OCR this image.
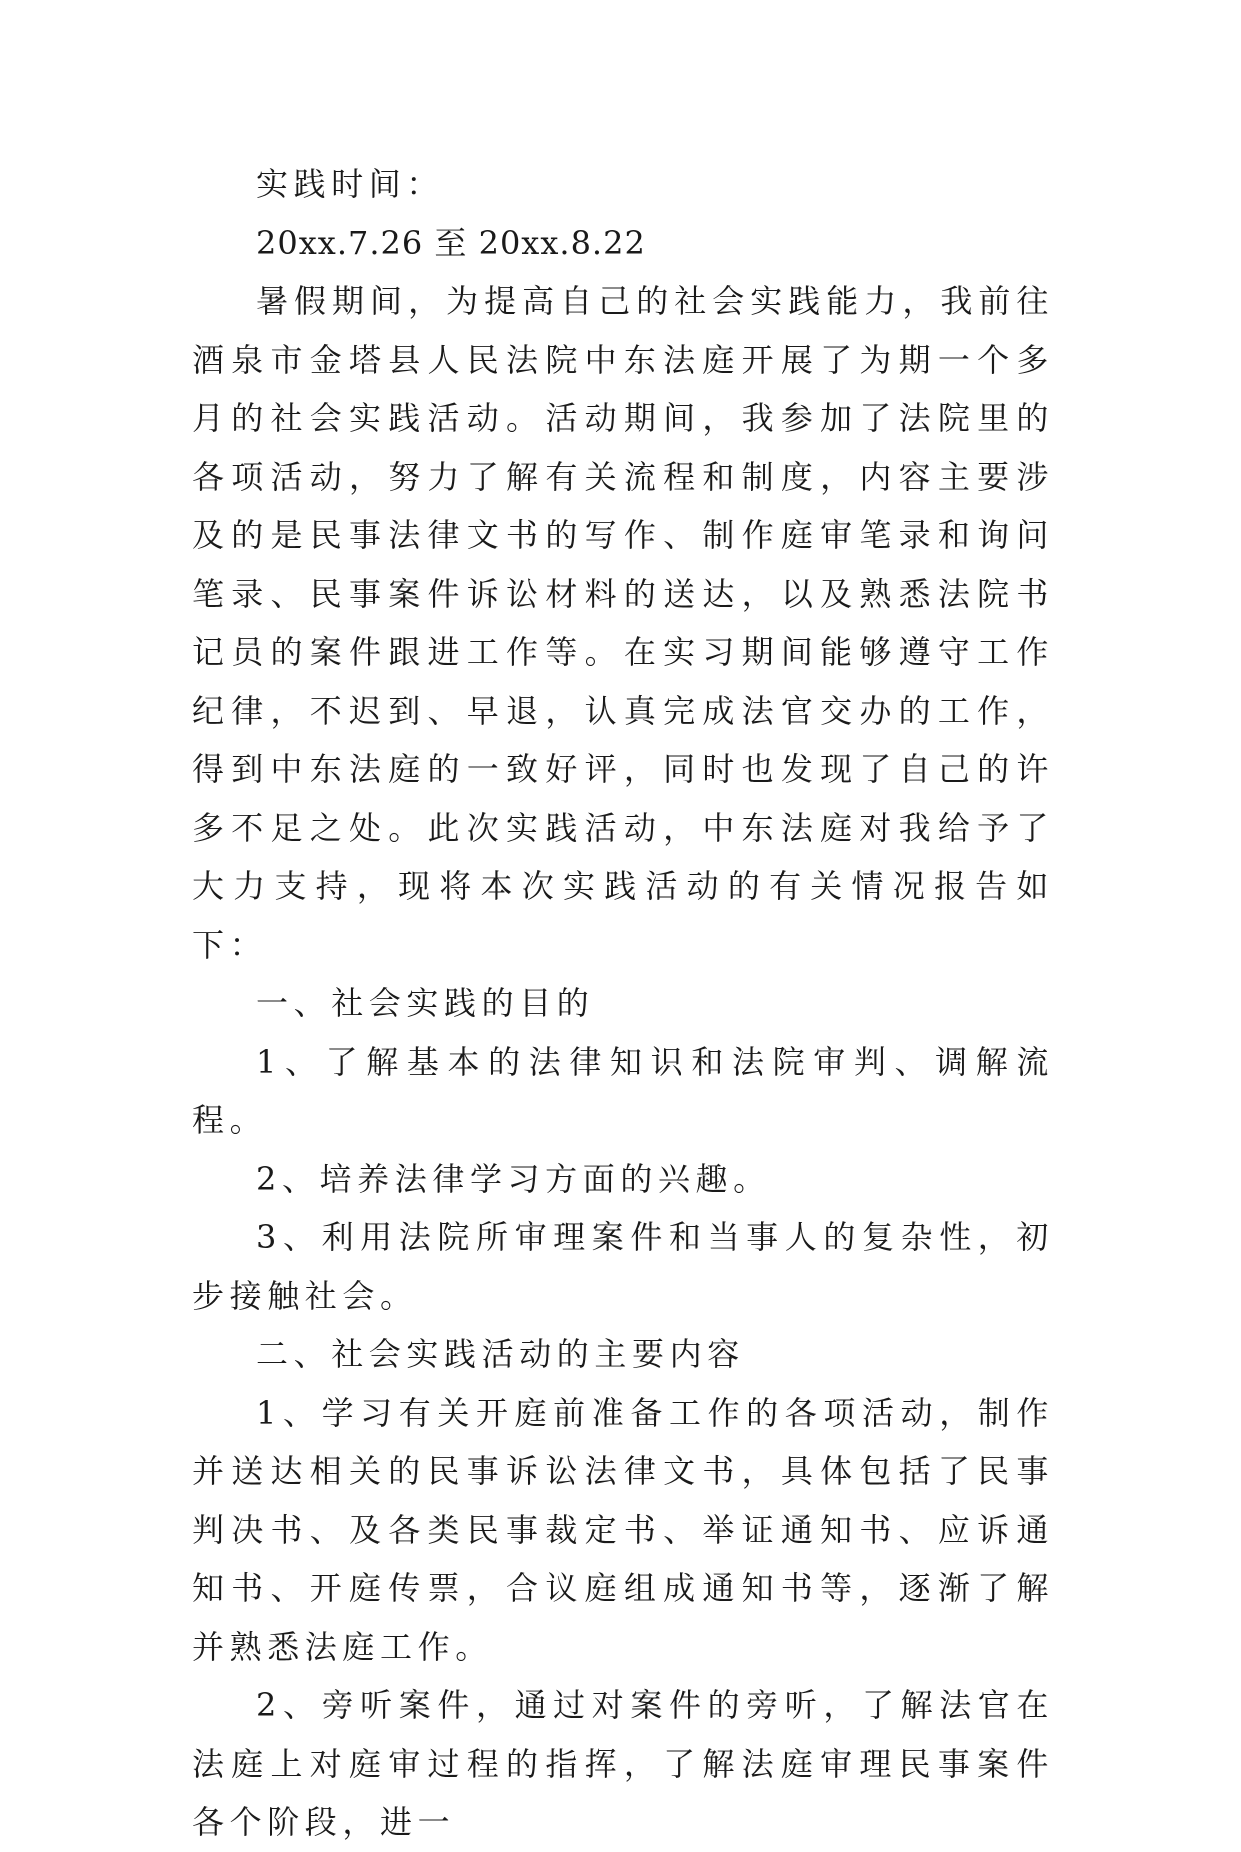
实践时间：

20xx.7.26 至 20xx.8.22

暑假期间，为提高自己的社会实践能力，我前往酒泉市金塔县人民法院中东法庭开展了为期一个多月的社会实践活动。活动期间，我参加了法院里的各项活动，努力了解有关流程和制度，内容主要涉及的是民事法律文书的写作、制作庭审笔录和询问笔录、民事案件诉讼材料的送达，以及熟悉法院书记员的案件跟进工作等。在实习期间能够遵守工作纪律，不迟到、早退，认真完成法官交办的工作，得到中东法庭的一致好评，同时也发现了自己的许多不足之处。此次实践活动，中东法庭对我给予了大力支持，现将本次实践活动的有关情况报告如下：

一、社会实践的目的

1、了解基本的法律知识和法院审判、调解流程。

2、培养法律学习方面的兴趣。

3、利用法院所审理案件和当事人的复杂性，初步接触社会。

二、社会实践活动的主要内容

1、学习有关开庭前准备工作的各项活动，制作并送达相关的民事诉讼法律文书，具体包括了民事判决书、及各类民事裁定书、举证通知书、应诉通知书、开庭传票，合议庭组成通知书等，逐渐了解并熟悉法庭工作。

2、旁听案件，通过对案件的旁听，了解法官在法庭上对庭审过程的指挥，了解法庭审理民事案件各个阶段，进一
